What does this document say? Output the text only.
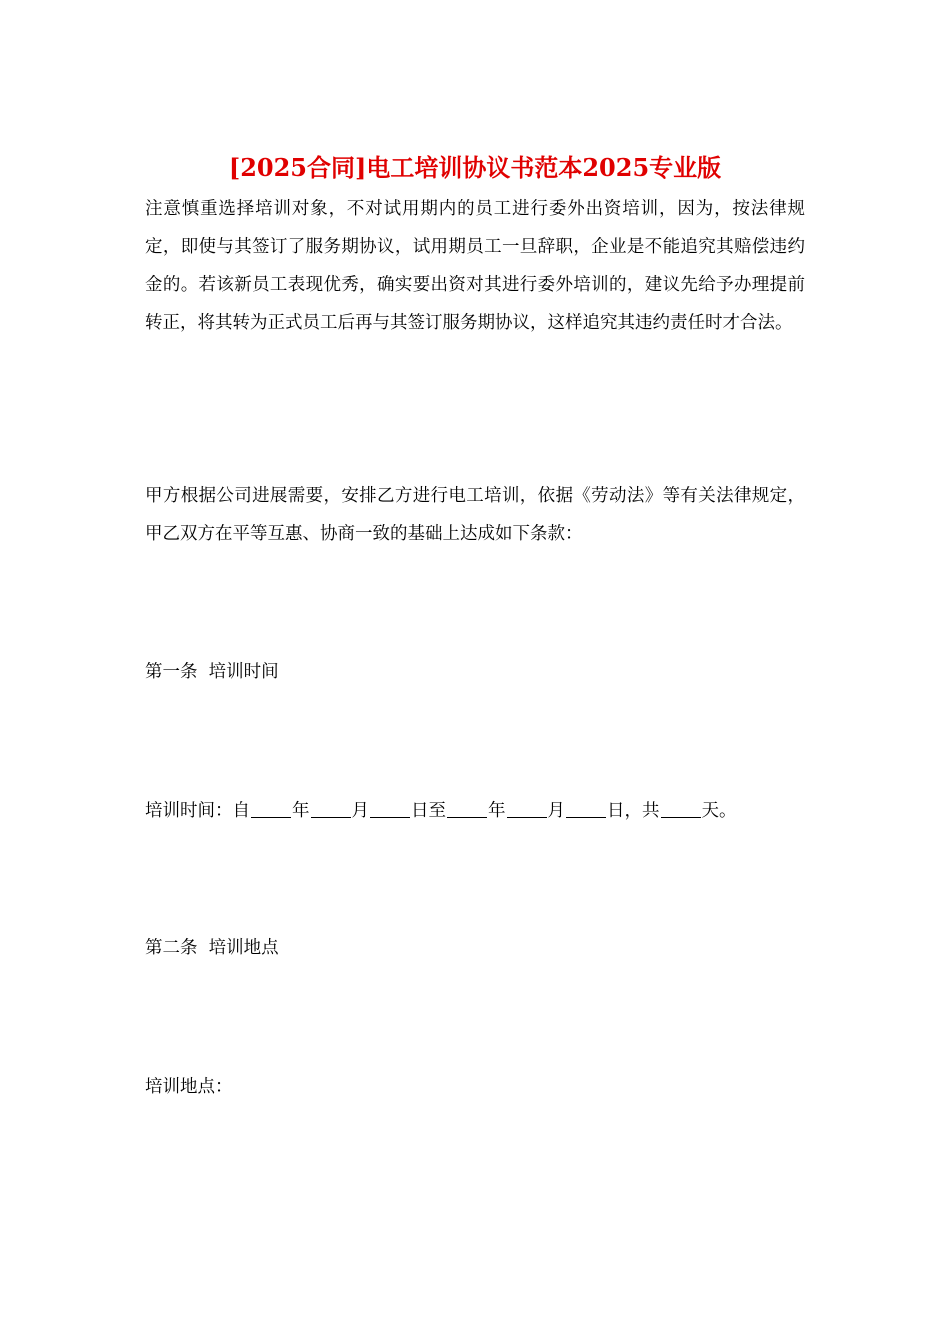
[2025合同]电工培训协议书范本2025专业版
注意慎重选择培训对象，不对试用期内的员工进行委外出资培训，因为，按法律规定，即使与其签订了服务期协议，试用期员工一旦辞职，企业是不能追究其赔偿违约金的。若该新员工表现优秀，确实要出资对其进行委外培训的，建议先给予办理提前转正，将其转为正式员工后再与其签订服务期协议，这样追究其违约责任时才合法。
甲方根据公司进展需要，安排乙方进行电工培训，依据《劳动法》等有关法律规定，甲乙双方在平等互惠、协商一致的基础上达成如下条款：
第一条  培训时间
培训时间：自 年 月 日至 年 月 日，共 天。
第二条  培训地点
培训地点：
